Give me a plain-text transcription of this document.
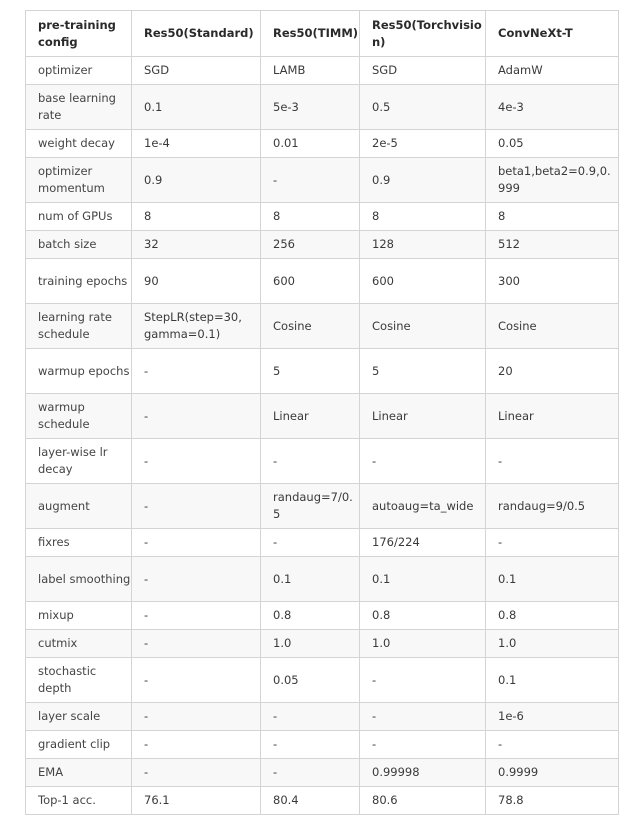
pre-training config	Res50(Standard)	Res50(TIMM)	Res50(Torchvision)	ConvNeXt-T
optimizer	SGD	LAMB	SGD	AdamW
base learning rate	0.1	5e-3	0.5	4e-3
weight decay	1e-4	0.01	2e-5	0.05
optimizer momentum	0.9	-	0.9	beta1,beta2=0.9,0.999
num of GPUs	8	8	8	8
batch size	32	256	128	512
training epochs	90	600	600	300
learning rate schedule	StepLR(step=30, gamma=0.1)	Cosine	Cosine	Cosine
warmup epochs	-	5	5	20
warmup schedule	-	Linear	Linear	Linear
layer-wise lr decay	-	-	-	-
augment	-	randaug=7/0.5	autoaug=ta_wide	randaug=9/0.5
fixres	-	-	176/224	-
label smoothing	-	0.1	0.1	0.1
mixup	-	0.8	0.8	0.8
cutmix	-	1.0	1.0	1.0
stochastic depth	-	0.05	-	0.1
layer scale	-	-	-	1e-6
gradient clip	-	-	-	-
EMA	-	-	0.99998	0.9999
Top-1 acc.	76.1	80.4	80.6	78.8
